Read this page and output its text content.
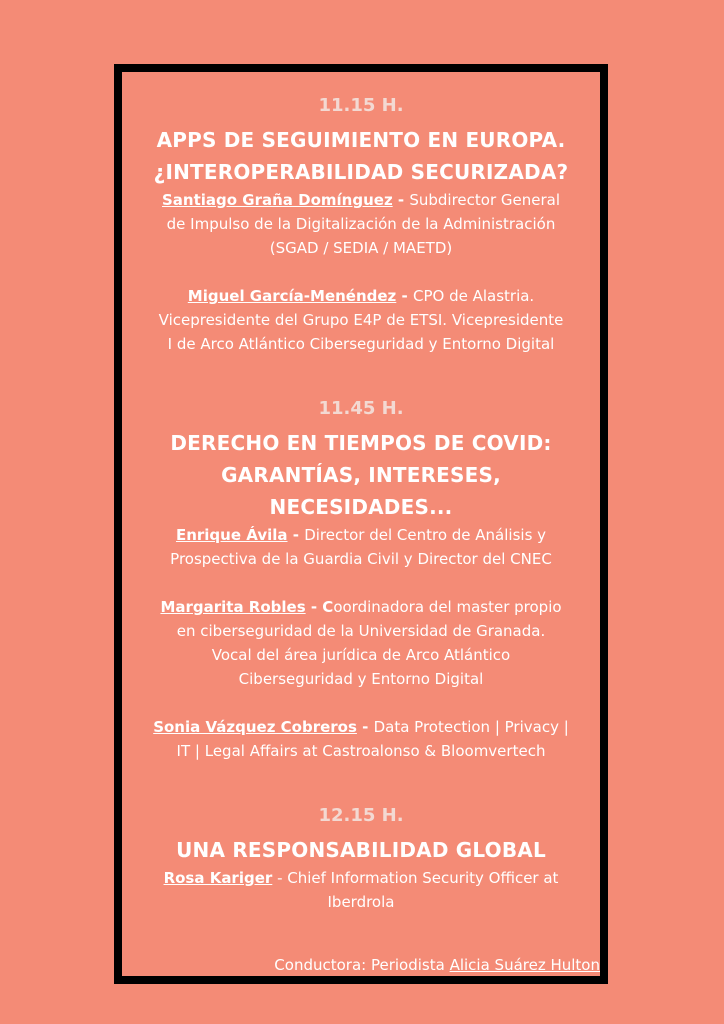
11.15 H.

APPS DE SEGUIMIENTO EN EUROPA.

¿INTEROPERABILIDAD SECURIZADA?

Santiago Graña Domínguez - Subdirector General

de Impulso de la Digitalización de la Administración

(SGAD / SEDIA / MAETD)

Miguel García-Menéndez - CPO de Alastria.

Vicepresidente del Grupo E4P de ETSI. Vicepresidente

I de Arco Atlántico Ciberseguridad y Entorno Digital

11.45 H.

DERECHO EN TIEMPOS DE COVID:

GARANTÍAS, INTERESES,

NECESIDADES...

Enrique Ávila - Director del Centro de Análisis y

Prospectiva de la Guardia Civil y Director del CNEC

Margarita Robles - Coordinadora del master propio

en ciberseguridad de la Universidad de Granada.

Vocal del área jurídica de Arco Atlántico

Ciberseguridad y Entorno Digital

Sonia Vázquez Cobreros - Data Protection | Privacy |

IT | Legal Affairs at Castroalonso & Bloomvertech

12.15 H.

UNA RESPONSABILIDAD GLOBAL

Rosa Kariger - Chief Information Security Officer at

Iberdrola

Conductora: Periodista Alicia Suárez Hulton
